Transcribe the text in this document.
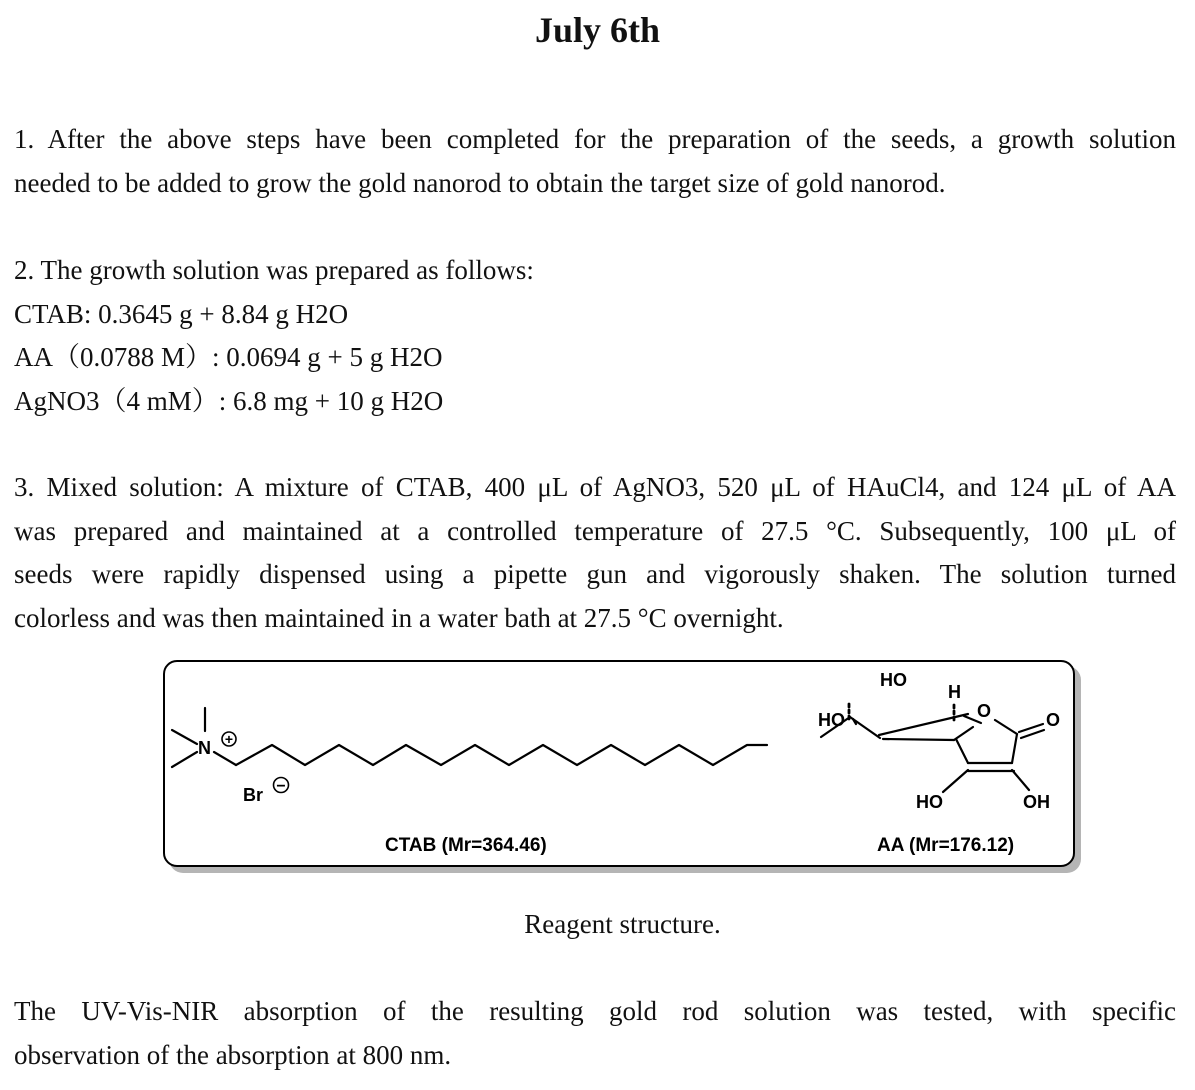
July 6th
1. After the above steps have been completed for the preparation of the seeds, a growth solution
needed to be added to grow the gold nanorod to obtain the target size of gold nanorod.
2. The growth solution was prepared as follows:
CTAB: 0.3645 g + 8.84 g H2O
AA（0.0788 M）: 0.0694 g + 5 g H2O
AgNO3（4 mM）: 6.8 mg + 10 g H2O
3. Mixed solution: A mixture of CTAB, 400 μL of AgNO3, 520 μL of HAuCl4, and 124 μL of AA
was prepared and maintained at a controlled temperature of 27.5 °C. Subsequently, 100 μL of
seeds were rapidly dispensed using a pipette gun and vigorously shaken. The solution turned
colorless and was then maintained in a water bath at 27.5 °C overnight.
N +
Br −
CTAB (Mr=364.46)
HO
H
HO	O	O
HO	OH
AA (Mr=176.12)
Reagent structure.
The UV-Vis-NIR absorption of the resulting gold rod solution was tested, with specific
observation of the absorption at 800 nm.
